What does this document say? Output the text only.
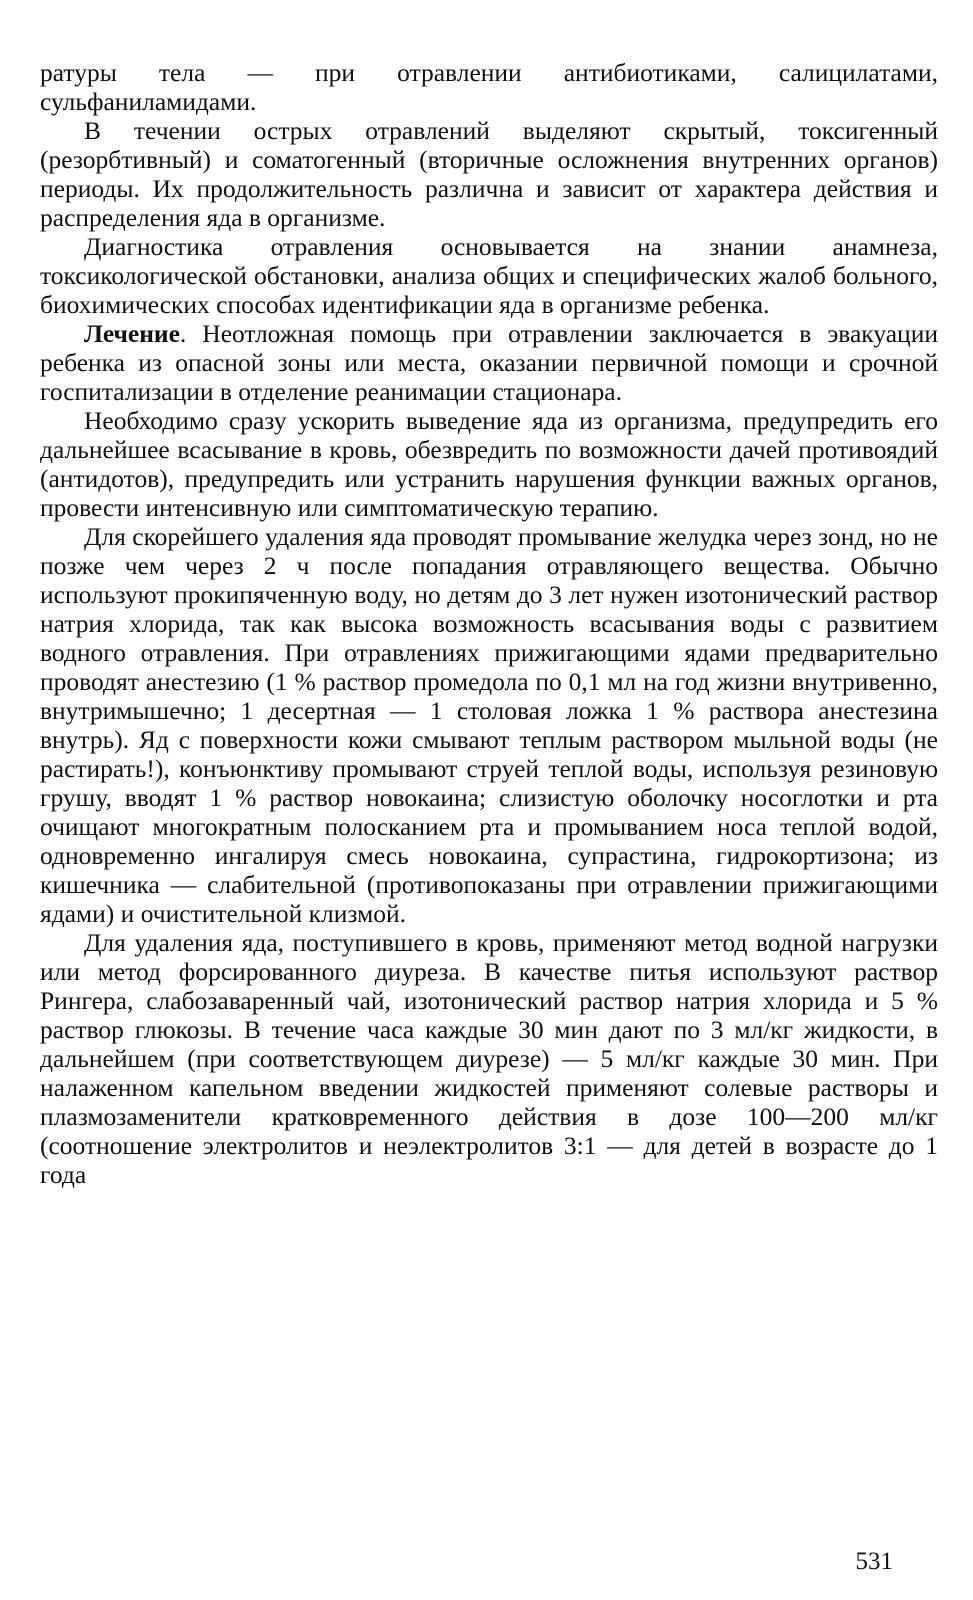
ратуры тела — при отравлении антибиотиками, салицилатами, сульфаниламидами.

В течении острых отравлений выделяют скрытый, токсигенный (резорбтивный) и соматогенный (вторичные осложнения внутренних органов) периоды. Их продолжительность различна и зависит от характера действия и распределения яда в организме.

Диагностика отравления основывается на знании анамнеза, токсикологической обстановки, анализа общих и специфических жалоб больного, биохимических способах идентификации яда в организме ребенка.

Лечение. Неотложная помощь при отравлении заключается в эвакуации ребенка из опасной зоны или места, оказании первичной помощи и срочной госпитализации в отделение реанимации стационара.

Необходимо сразу ускорить выведение яда из организма, предупредить его дальнейшее всасывание в кровь, обезвредить по возможности дачей противоядий (антидотов), предупредить или устранить нарушения функции важных органов, провести интенсивную или симптоматическую терапию.

Для скорейшего удаления яда проводят промывание желудка через зонд, но не позже чем через 2 ч после попадания отравляющего вещества. Обычно используют прокипяченную воду, но детям до 3 лет нужен изотонический раствор натрия хлорида, так как высока возможность всасывания воды с развитием водного отравления. При отравлениях прижигающими ядами предварительно проводят анестезию (1 % раствор промедола по 0,1 мл на год жизни внутривенно, внутримышечно; 1 десертная — 1 столовая ложка 1 % раствора анестезина внутрь). Яд с поверхности кожи смывают теплым раствором мыльной воды (не растирать!), конъюнктиву промывают струей теплой воды, используя резиновую грушу, вводят 1 % раствор новокаина; слизистую оболочку носоглотки и рта очищают многократным полосканием рта и промыванием носа теплой водой, одновременно ингалируя смесь новокаина, супрастина, гидрокортизона; из кишечника — слабительной (противопоказаны при отравлении прижигающими ядами) и очистительной клизмой.

Для удаления яда, поступившего в кровь, применяют метод водной нагрузки или метод форсированного диуреза. В качестве питья используют раствор Рингера, слабозаваренный чай, изотонический раствор натрия хлорида и 5 % раствор глюкозы. В течение часа каждые 30 мин дают по 3 мл/кг жидкости, в дальнейшем (при соответствующем диурезе) — 5 мл/кг каждые 30 мин. При налаженном капельном введении жидкостей применяют солевые растворы и плазмозаменители кратковременного действия в дозе 100—200 мл/кг (соотношение электролитов и неэлектролитов 3:1 — для детей в возрасте до 1 года

531
